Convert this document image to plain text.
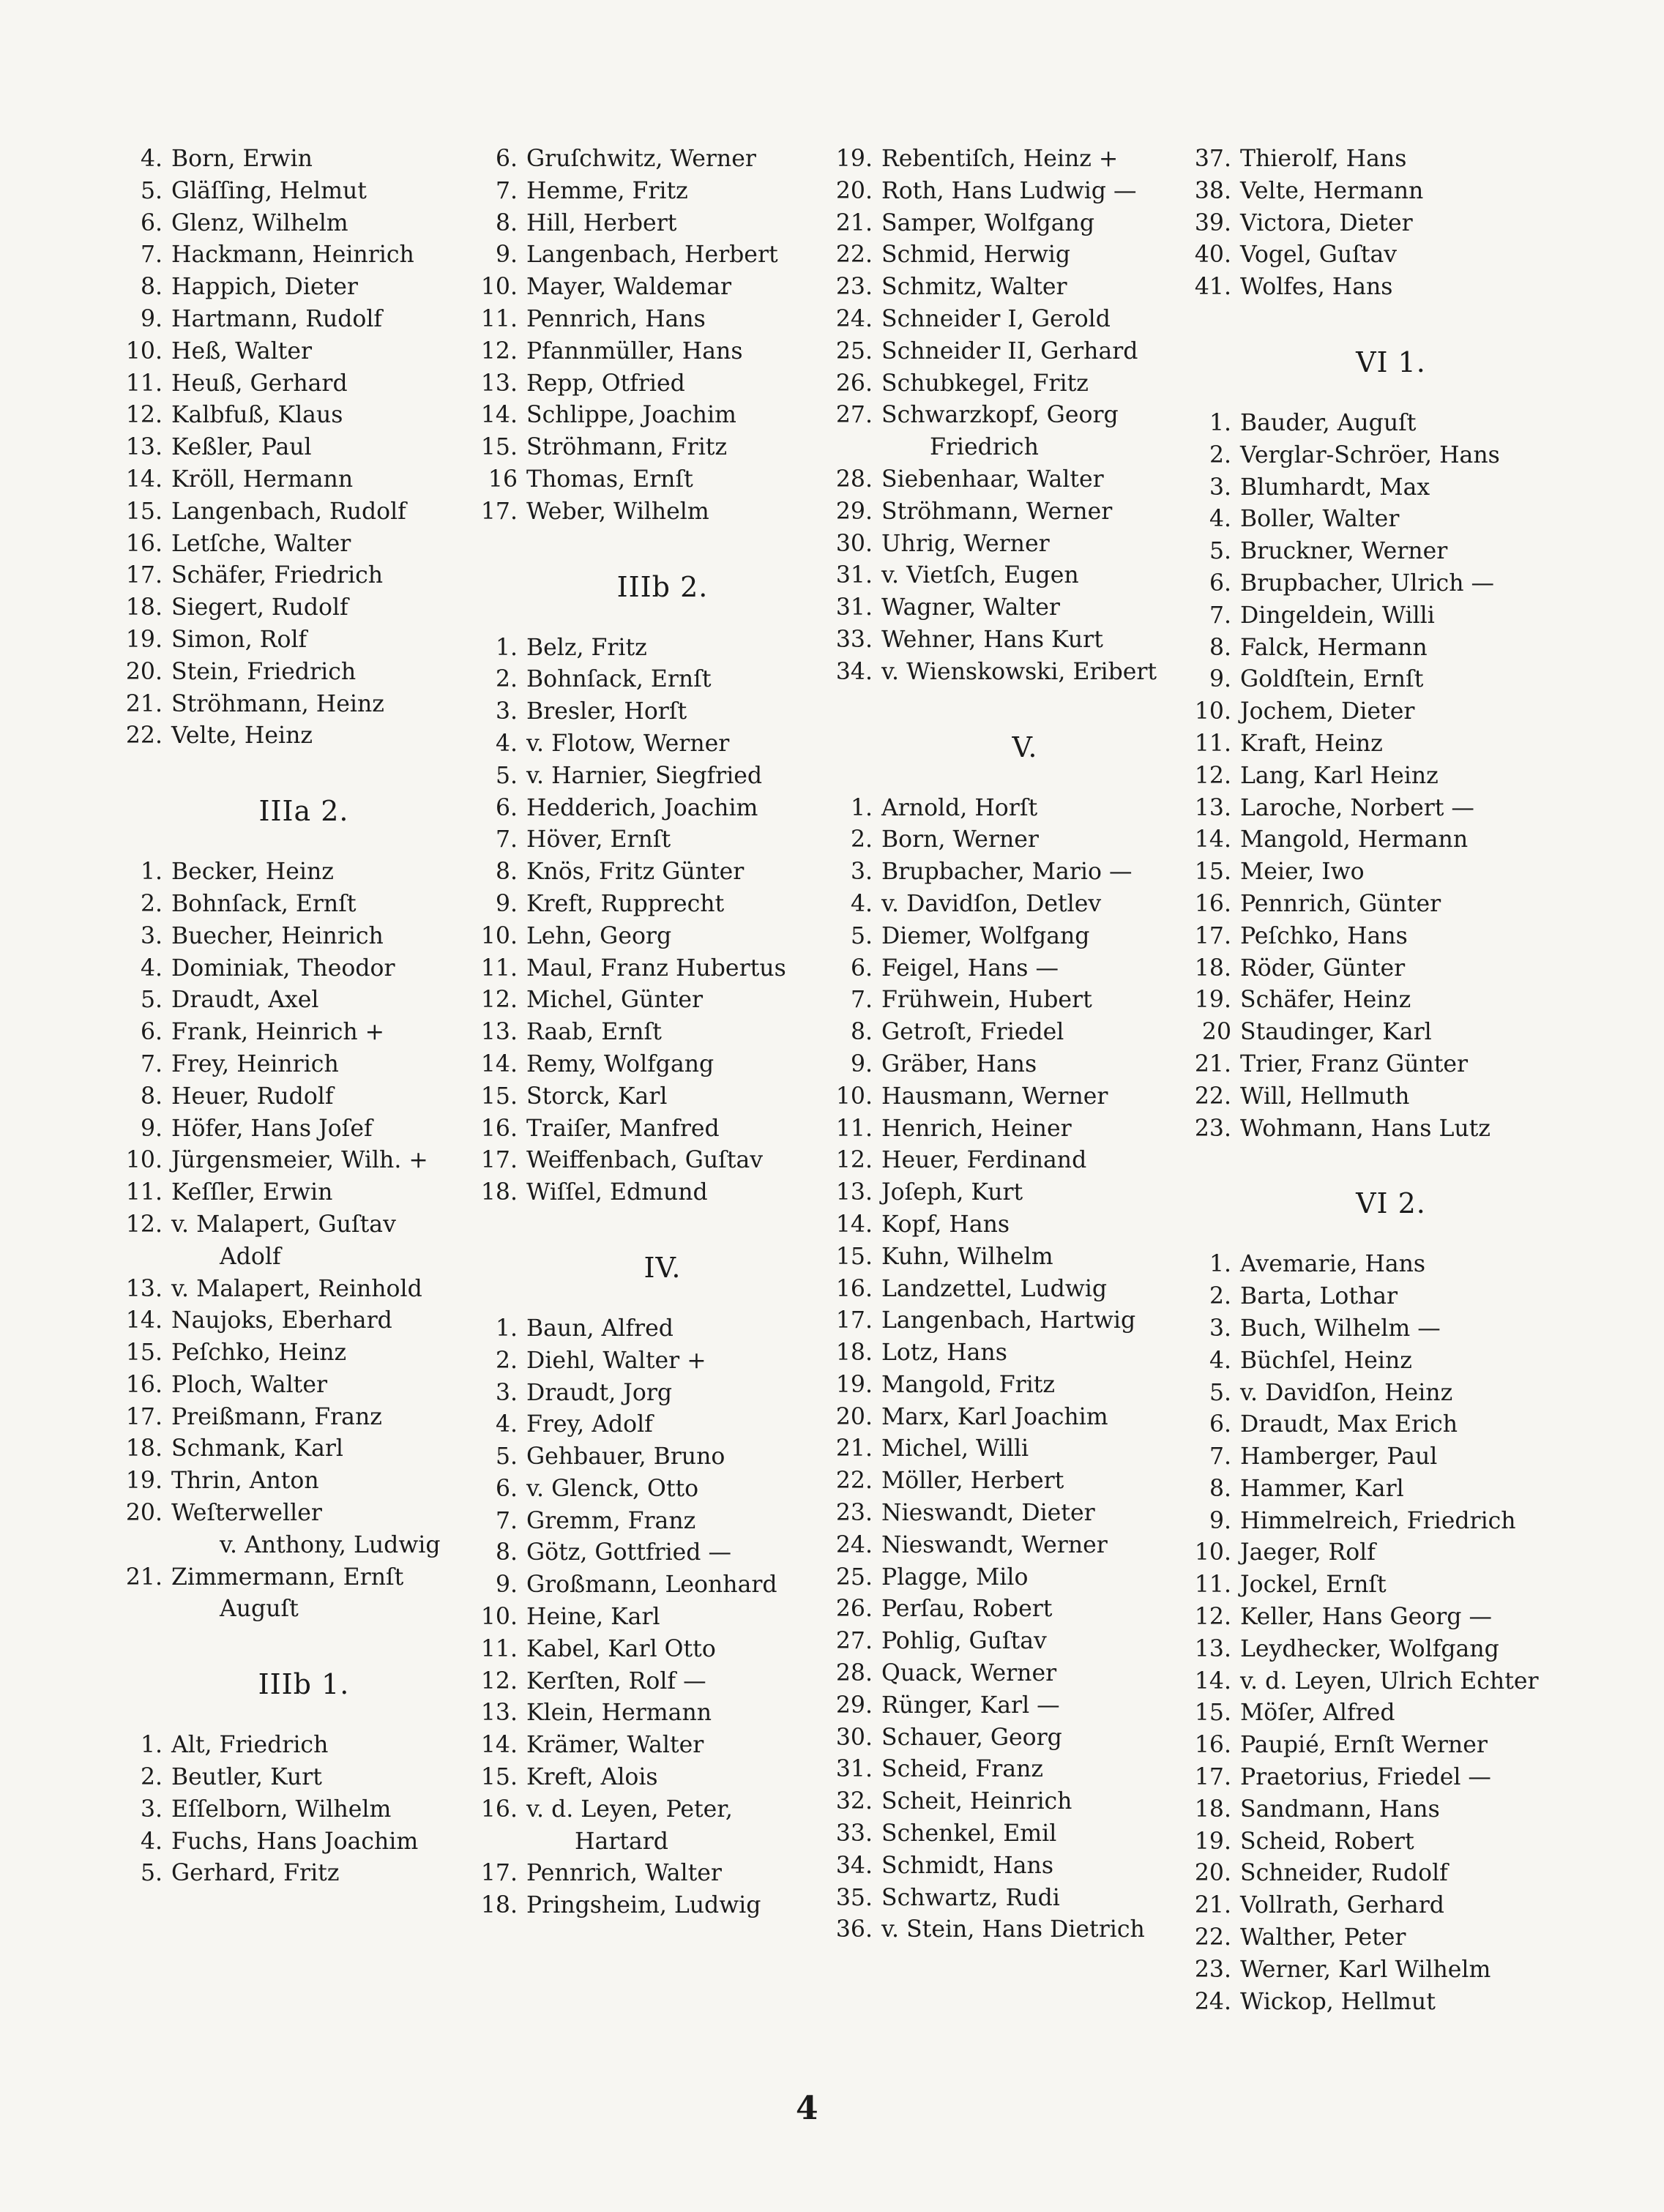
4. Born, Erwin
5. Gläſſing, Helmut
6. Glenz, Wilhelm
7. Hackmann, Heinrich
8. Happich, Dieter
9. Hartmann, Rudolf
10. Heß, Walter
11. Heuß, Gerhard
12. Kalbfuß, Klaus
13. Keßler, Paul
14. Kröll, Hermann
15. Langenbach, Rudolf
16. Letſche, Walter
17. Schäfer, Friedrich
18. Siegert, Rudolf
19. Simon, Rolf
20. Stein, Friedrich
21. Ströhmann, Heinz
22. Velte, Heinz
IIIa 2.
1. Becker, Heinz
2. Bohnſack, Ernſt
3. Buecher, Heinrich
4. Dominiak, Theodor
5. Draudt, Axel
6. Frank, Heinrich +
7. Frey, Heinrich
8. Heuer, Rudolf
9. Höfer, Hans Joſef
10. Jürgensmeier, Wilh. +
11. Keſſler, Erwin
12. v. Malapert, Guſtav
Adolf
13. v. Malapert, Reinhold
14. Naujoks, Eberhard
15. Peſchko, Heinz
16. Ploch, Walter
17. Preißmann, Franz
18. Schmank, Karl
19. Thrin, Anton
20. Weſterweller
v. Anthony, Ludwig
21. Zimmermann, Ernſt
Auguſt
IIIb 1.
1. Alt, Friedrich
2. Beutler, Kurt
3. Eſſelborn, Wilhelm
4. Fuchs, Hans Joachim
5. Gerhard, Fritz
6. Gruſchwitz, Werner
7. Hemme, Fritz
8. Hill, Herbert
9. Langenbach, Herbert
10. Mayer, Waldemar
11. Pennrich, Hans
12. Pfannmüller, Hans
13. Repp, Otfried
14. Schlippe, Joachim
15. Ströhmann, Fritz
16 Thomas, Ernſt
17. Weber, Wilhelm
IIIb 2.
1. Belz, Fritz
2. Bohnſack, Ernſt
3. Bresler, Horſt
4. v. Flotow, Werner
5. v. Harnier, Siegfried
6. Hedderich, Joachim
7. Höver, Ernſt
8. Knös, Fritz Günter
9. Kreft, Rupprecht
10. Lehn, Georg
11. Maul, Franz Hubertus
12. Michel, Günter
13. Raab, Ernſt
14. Remy, Wolfgang
15. Storck, Karl
16. Traiſer, Manfred
17. Weiffenbach, Guſtav
18. Wiſſel, Edmund
IV.
1. Baun, Alfred
2. Diehl, Walter +
3. Draudt, Jorg
4. Frey, Adolf
5. Gehbauer, Bruno
6. v. Glenck, Otto
7. Gremm, Franz
8. Götz, Gottfried —
9. Großmann, Leonhard
10. Heine, Karl
11. Kabel, Karl Otto
12. Kerſten, Rolf —
13. Klein, Hermann
14. Krämer, Walter
15. Kreft, Alois
16. v. d. Leyen, Peter,
Hartard
17. Pennrich, Walter
18. Pringsheim, Ludwig
19. Rebentiſch, Heinz +
20. Roth, Hans Ludwig —
21. Samper, Wolfgang
22. Schmid, Herwig
23. Schmitz, Walter
24. Schneider I, Gerold
25. Schneider II, Gerhard
26. Schubkegel, Fritz
27. Schwarzkopf, Georg
Friedrich
28. Siebenhaar, Walter
29. Ströhmann, Werner
30. Uhrig, Werner
31. v. Vietſch, Eugen
31. Wagner, Walter
33. Wehner, Hans Kurt
34. v. Wienskowski, Eribert
V.
1. Arnold, Horſt
2. Born, Werner
3. Brupbacher, Mario —
4. v. Davidſon, Detlev
5. Diemer, Wolfgang
6. Feigel, Hans —
7. Frühwein, Hubert
8. Getroſt, Friedel
9. Gräber, Hans
10. Hausmann, Werner
11. Henrich, Heiner
12. Heuer, Ferdinand
13. Joſeph, Kurt
14. Kopf, Hans
15. Kuhn, Wilhelm
16. Landzettel, Ludwig
17. Langenbach, Hartwig
18. Lotz, Hans
19. Mangold, Fritz
20. Marx, Karl Joachim
21. Michel, Willi
22. Möller, Herbert
23. Nieswandt, Dieter
24. Nieswandt, Werner
25. Plagge, Milo
26. Perſau, Robert
27. Pohlig, Guſtav
28. Quack, Werner
29. Rünger, Karl —
30. Schauer, Georg
31. Scheid, Franz
32. Scheit, Heinrich
33. Schenkel, Emil
34. Schmidt, Hans
35. Schwartz, Rudi
36. v. Stein, Hans Dietrich
37. Thierolf, Hans
38. Velte, Hermann
39. Victora, Dieter
40. Vogel, Guſtav
41. Wolfes, Hans
VI 1.
1. Bauder, Auguſt
2. Verglar-Schröer, Hans
3. Blumhardt, Max
4. Boller, Walter
5. Bruckner, Werner
6. Brupbacher, Ulrich —
7. Dingeldein, Willi
8. Falck, Hermann
9. Goldſtein, Ernſt
10. Jochem, Dieter
11. Kraft, Heinz
12. Lang, Karl Heinz
13. Laroche, Norbert —
14. Mangold, Hermann
15. Meier, Iwo
16. Pennrich, Günter
17. Peſchko, Hans
18. Röder, Günter
19. Schäfer, Heinz
20 Staudinger, Karl
21. Trier, Franz Günter
22. Will, Hellmuth
23. Wohmann, Hans Lutz
VI 2.
1. Avemarie, Hans
2. Barta, Lothar
3. Buch, Wilhelm —
4. Büchſel, Heinz
5. v. Davidſon, Heinz
6. Draudt, Max Erich
7. Hamberger, Paul
8. Hammer, Karl
9. Himmelreich, Friedrich
10. Jaeger, Rolf
11. Jockel, Ernſt
12. Keller, Hans Georg —
13. Leydhecker, Wolfgang
14. v. d. Leyen, Ulrich Echter
15. Möſer, Alfred
16. Paupié, Ernſt Werner
17. Praetorius, Friedel —
18. Sandmann, Hans
19. Scheid, Robert
20. Schneider, Rudolf
21. Vollrath, Gerhard
22. Walther, Peter
23. Werner, Karl Wilhelm
24. Wickop, Hellmut
4
